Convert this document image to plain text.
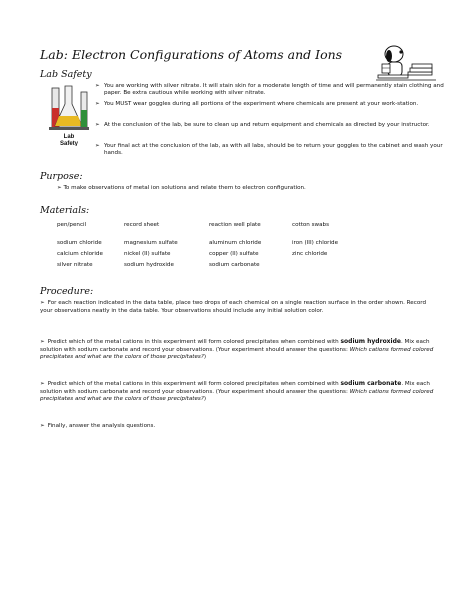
Lab: Electron Configurations of Atoms and Ions
Lab Safety
Lab
Safety
➢ You are working with silver nitrate. It will stain skin for a moderate length of time and will permanently stain clothing and paper. Be extra cautious while working with silver nitrate.
➢ You MUST wear goggles during all portions of the experiment where chemicals are present at your work-station.
➢ At the conclusion of the lab, be sure to clean up and return equipment and chemicals as directed by your instructor.
➢ Your final act at the conclusion of the lab, as with all labs, should be to return your goggles to the cabinet and wash your hands.
Purpose:
➢ To make observations of metal ion solutions and relate them to electron configuration.
Materials:
pen/pencil
sodium chloride
calcium chloride
silver nitrate
record sheet
magnesium sulfate
nickel (II) sulfate
sodium hydroxide
reaction well plate
aluminum chloride
copper (II) sulfate
sodium carbonate
cotton swabs
iron (III) chloride
zinc chloride
Procedure:
➢ For each reaction indicated in the data table, place two drops of each chemical on a single reaction surface in the order shown. Record your observations neatly in the data table. Your observations should include any initial solution color.
➢ Predict which of the metal cations in this experiment will form colored precipitates when combined with sodium hydroxide. Mix each solution with sodium carbonate and record your observations. (Your experiment should answer the questions: Which cations formed colored precipitates and what are the colors of those precipitates?)
➢ Predict which of the metal cations in this experiment will form colored precipitates when combined with sodium carbonate. Mix each solution with sodium carbonate and record your observations. (Your experiment should answer the questions: Which cations formed colored precipitates and what are the colors of those precipitates?)
➢ Finally, answer the analysis questions.
